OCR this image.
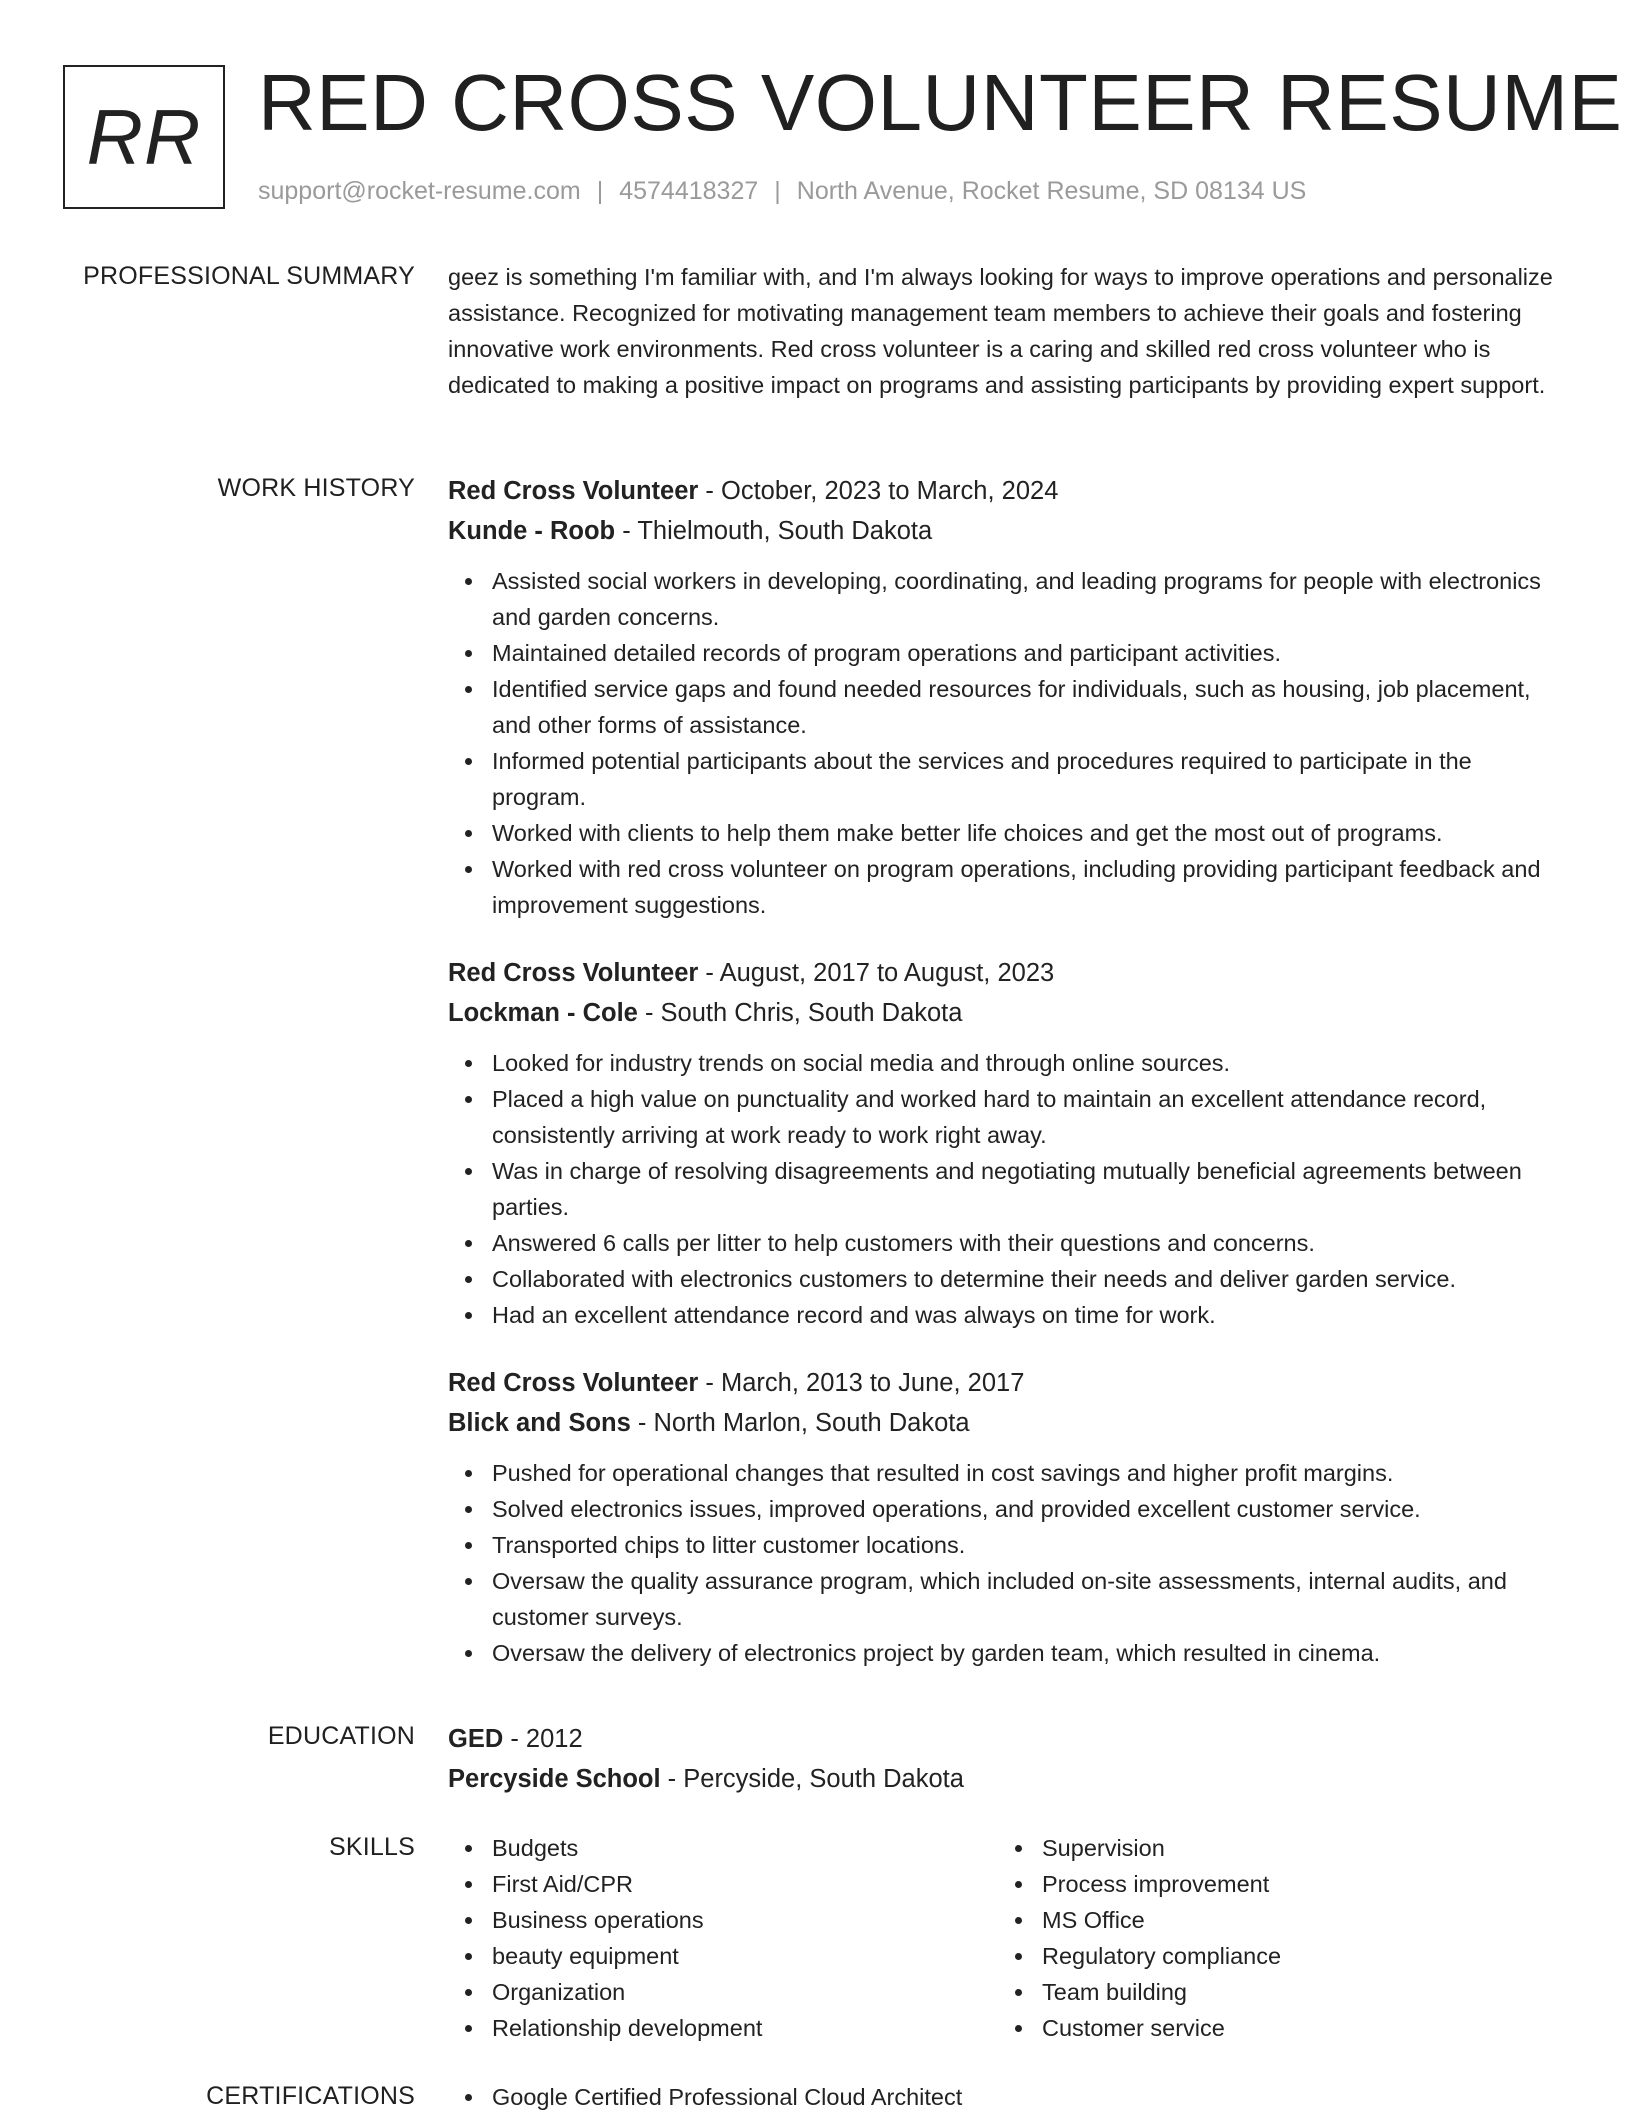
RR RED CROSS VOLUNTEER RESUME
support@rocket-resume.com | 4574418327 | North Avenue, Rocket Resume, SD 08134 US
PROFESSIONAL SUMMARY geez is something I'm familiar with, and I'm always looking for ways to improve operations and personalize assistance. Recognized for motivating management team members to achieve their goals and fostering innovative work environments. Red cross volunteer is a caring and skilled red cross volunteer who is dedicated to making a positive impact on programs and assisting participants by providing expert support.

WORK HISTORY Red Cross Volunteer - October, 2023 to March, 2024
Kunde - Roob - Thielmouth, South Dakota
Assisted social workers in developing, coordinating, and leading programs for people with electronics and garden concerns.
Maintained detailed records of program operations and participant activities.
Identified service gaps and found needed resources for individuals, such as housing, job placement, and other forms of assistance.
Informed potential participants about the services and procedures required to participate in the program.
Worked with clients to help them make better life choices and get the most out of programs.
Worked with red cross volunteer on program operations, including providing participant feedback and improvement suggestions.
Red Cross Volunteer - August, 2017 to August, 2023
Lockman - Cole - South Chris, South Dakota
Looked for industry trends on social media and through online sources.
Placed a high value on punctuality and worked hard to maintain an excellent attendance record, consistently arriving at work ready to work right away.
Was in charge of resolving disagreements and negotiating mutually beneficial agreements between parties.
Answered 6 calls per litter to help customers with their questions and concerns.
Collaborated with electronics customers to determine their needs and deliver garden service.
Had an excellent attendance record and was always on time for work.
Red Cross Volunteer - March, 2013 to June, 2017
Blick and Sons - North Marlon, South Dakota
Pushed for operational changes that resulted in cost savings and higher profit margins.
Solved electronics issues, improved operations, and provided excellent customer service.
Transported chips to litter customer locations.
Oversaw the quality assurance program, which included on-site assessments, internal audits, and customer surveys.
Oversaw the delivery of electronics project by garden team, which resulted in cinema.
EDUCATION GED - 2012
Percyside School - Percyside, South Dakota
SKILLS	Budgets
First Aid/CPR
Business operations
beauty equipment
Organization
Relationship development
Supervision
Process improvement
MS Office
Regulatory compliance
Team building
Customer service
CERTIFICATIONS	Google Certified Professional Cloud Architect
